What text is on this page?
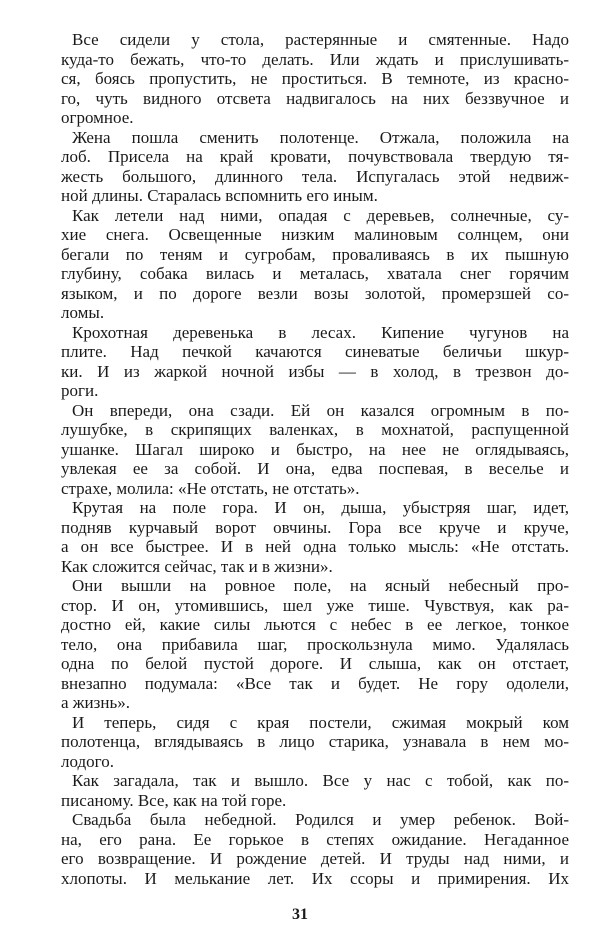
Все сидели у стола, растерянные и смятенные. Надо
куда-то бежать, что-то делать. Или ждать и прислушивать-
ся, боясь пропустить, не проститься. В темноте, из красно-
го, чуть видного отсвета надвигалось на них беззвучное и
огромное.
Жена пошла сменить полотенце. Отжала, положила на
лоб. Присела на край кровати, почувствовала твердую тя-
жесть большого, длинного тела. Испугалась этой недвиж-
ной длины. Старалась вспомнить его иным.
Как летели над ними, опадая с деревьев, солнечные, су-
хие снега. Освещенные низким малиновым солнцем, они
бегали по теням и сугробам, проваливаясь в их пышную
глубину, собака вилась и металась, хватала снег горячим
языком, и по дороге везли возы золотой, промерзшей со-
ломы.
Крохотная деревенька в лесах. Кипение чугунов на
плите. Над печкой качаются синеватые беличьи шкур-
ки. И из жаркой ночной избы — в холод, в трезвон до-
роги.
Он впереди, она сзади. Ей он казался огромным в по-
лушубке, в скрипящих валенках, в мохнатой, распущенной
ушанке. Шагал широко и быстро, на нее не оглядываясь,
увлекая ее за собой. И она, едва поспевая, в веселье и
страхе, молила: «Не отстать, не отстать».
Крутая на поле гора. И он, дыша, убыстряя шаг, идет,
подняв курчавый ворот овчины. Гора все круче и круче,
а он все быстрее. И в ней одна только мысль: «Не отстать.
Как сложится сейчас, так и в жизни».
Они вышли на ровное поле, на ясный небесный про-
стор. И он, утомившись, шел уже тише. Чувствуя, как ра-
достно ей, какие силы льются с небес в ее легкое, тонкое
тело, она прибавила шаг, проскользнула мимо. Удалялась
одна по белой пустой дороге. И слыша, как он отстает,
внезапно подумала: «Все так и будет. Не гору одолели,
а жизнь».
И теперь, сидя с края постели, сжимая мокрый ком
полотенца, вглядываясь в лицо старика, узнавала в нем мо-
лодого.
Как загадала, так и вышло. Все у нас с тобой, как по-
писаному. Все, как на той горе.
Свадьба была небедной. Родился и умер ребенок. Вой-
на, его рана. Ее горькое в степях ожидание. Негаданное
его возвращение. И рождение детей. И труды над ними, и
хлопоты. И мелькание лет. Их ссоры и примирения. Их
31
